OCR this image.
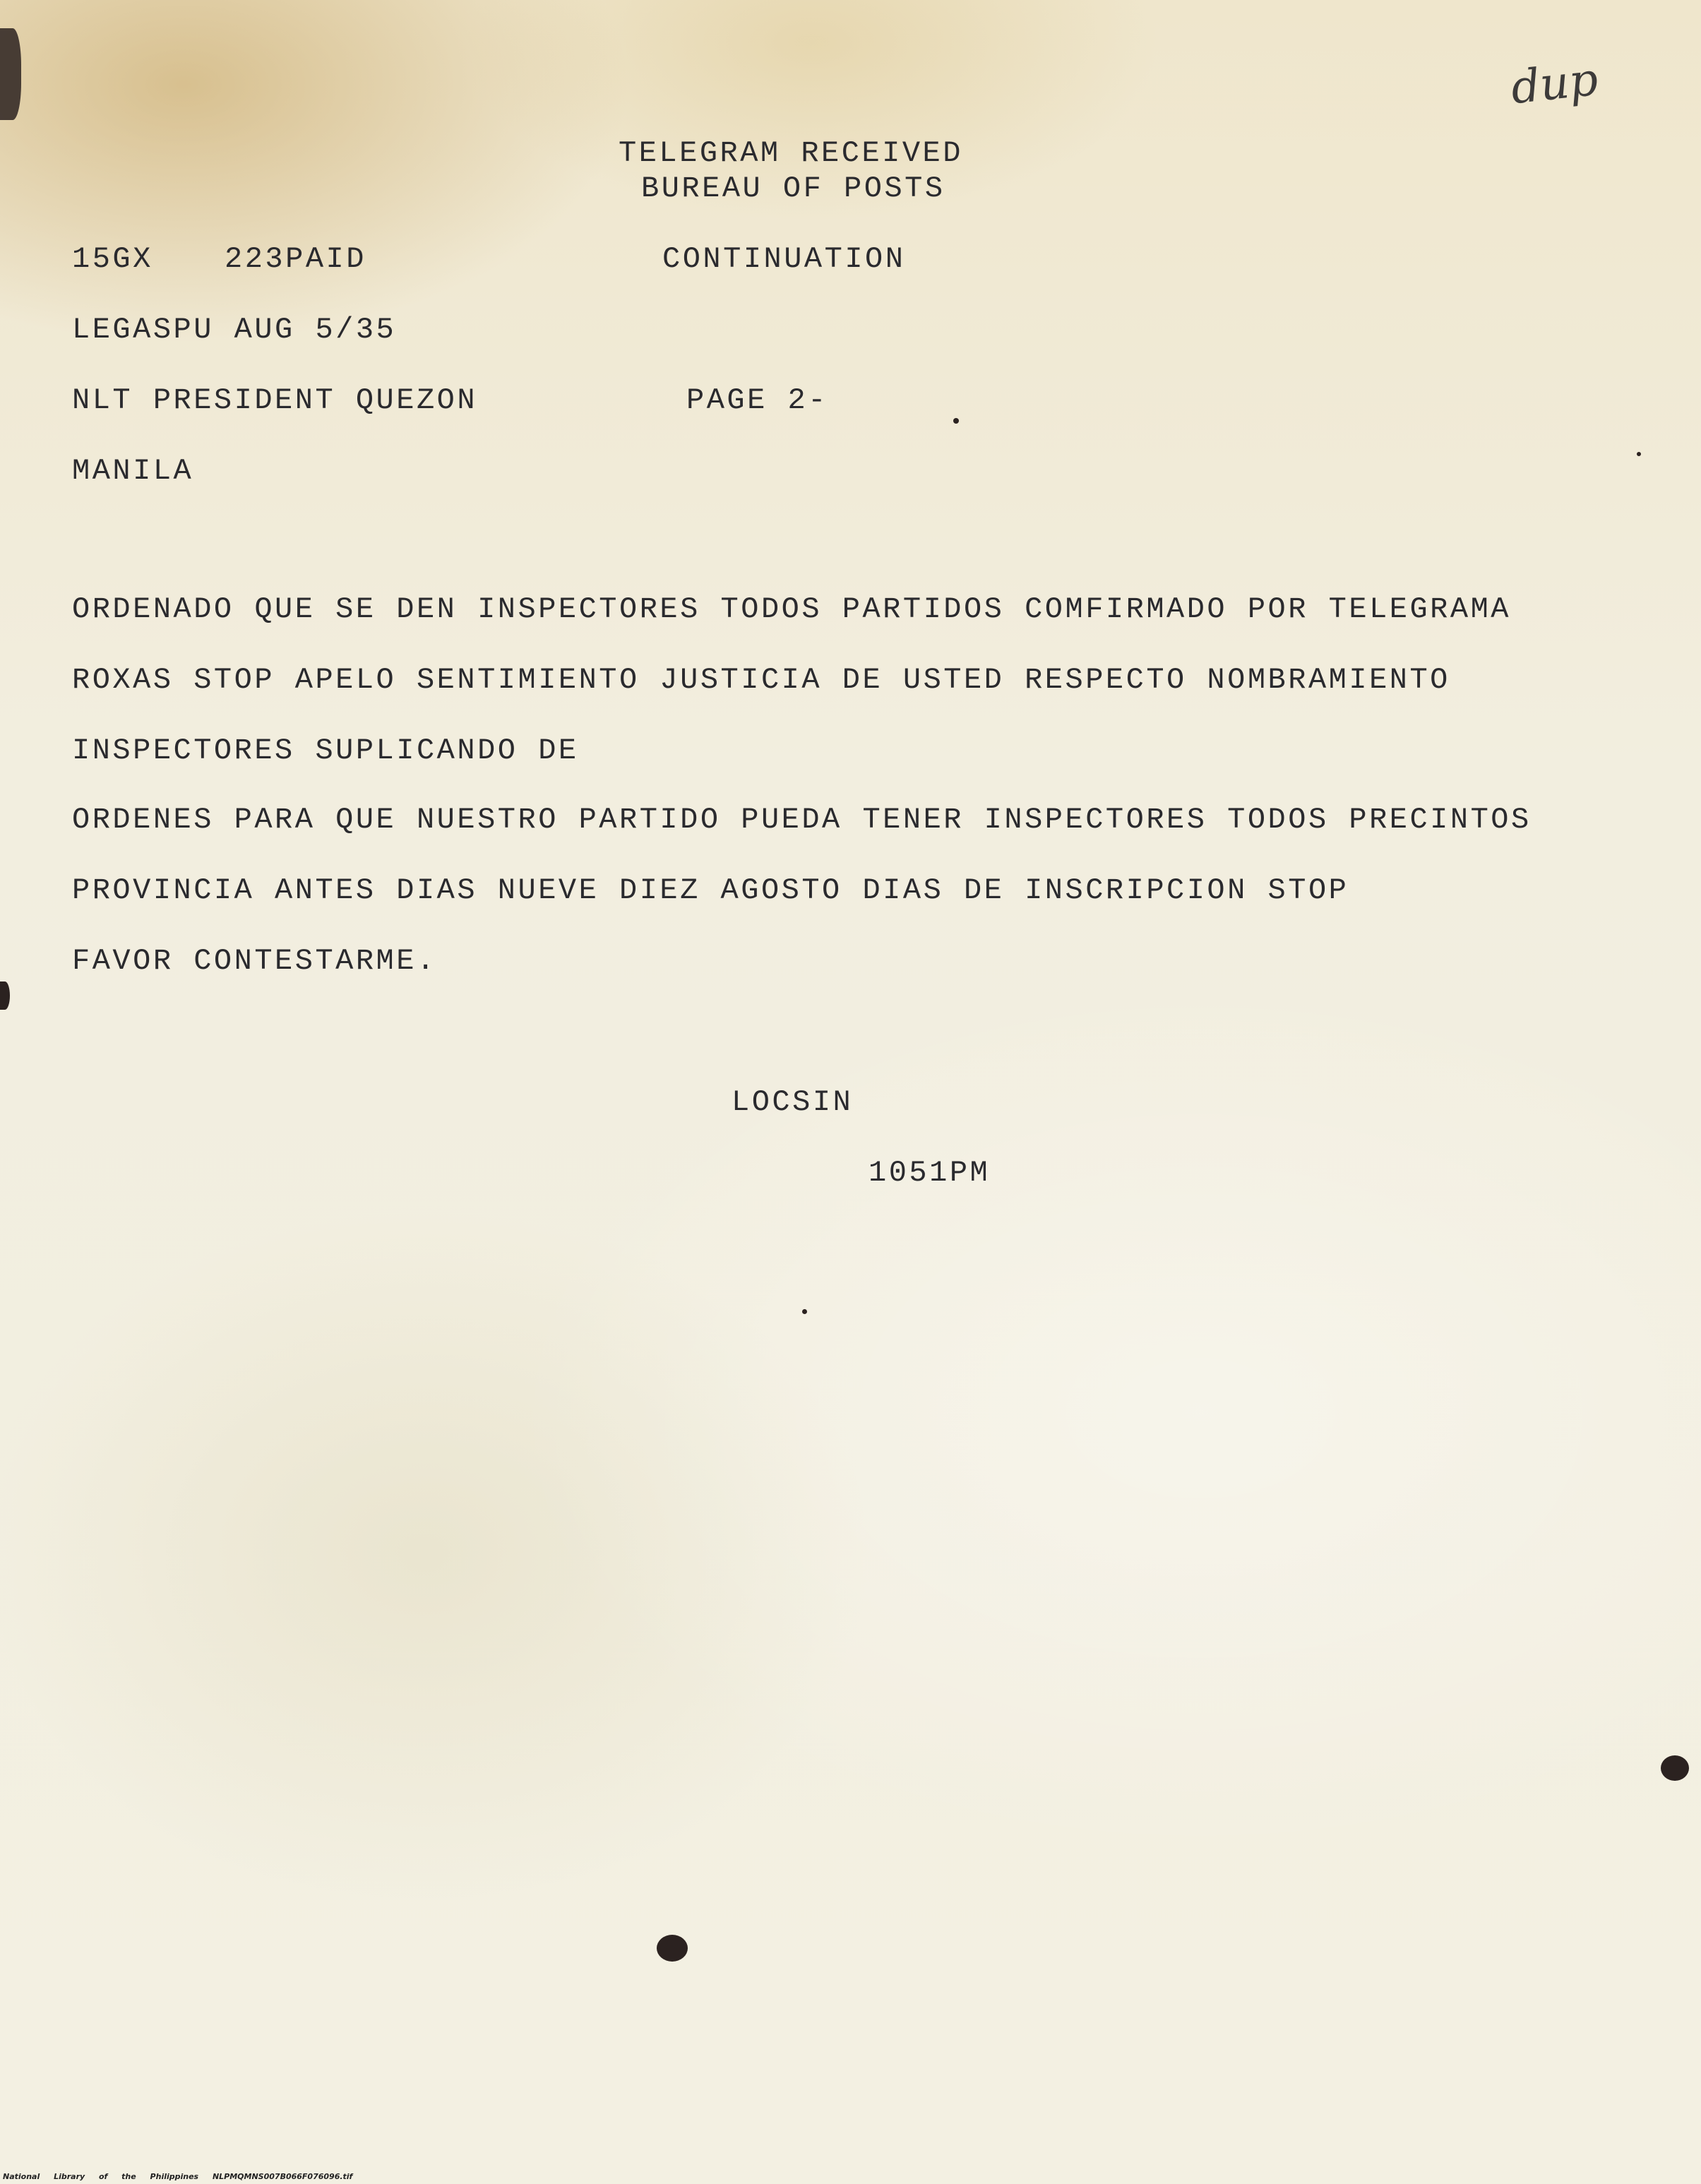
dup
TELEGRAM RECEIVED
BUREAU OF POSTS
15GX 223PAID	CONTINUATION
LEGASPU AUG 5/35
NLT PRESIDENT QUEZON	PAGE 2-
MANILA
ORDENADO QUE SE DEN INSPECTORES TODOS PARTIDOS COMFIRMADO POR TELEGRAMA
ROXAS STOP APELO SENTIMIENTO JUSTICIA DE USTED RESPECTO NOMBRAMIENTO
INSPECTORES SUPLICANDO DE
ORDENES PARA QUE NUESTRO PARTIDO PUEDA TENER INSPECTORES TODOS PRECINTOS
PROVINCIA ANTES DIAS NUEVE DIEZ AGOSTO DIAS DE INSCRIPCION STOP
FAVOR CONTESTARME.
LOCSIN
1051PM
National Library of the Philippines NLPMQMNS007B066F076096.tif
